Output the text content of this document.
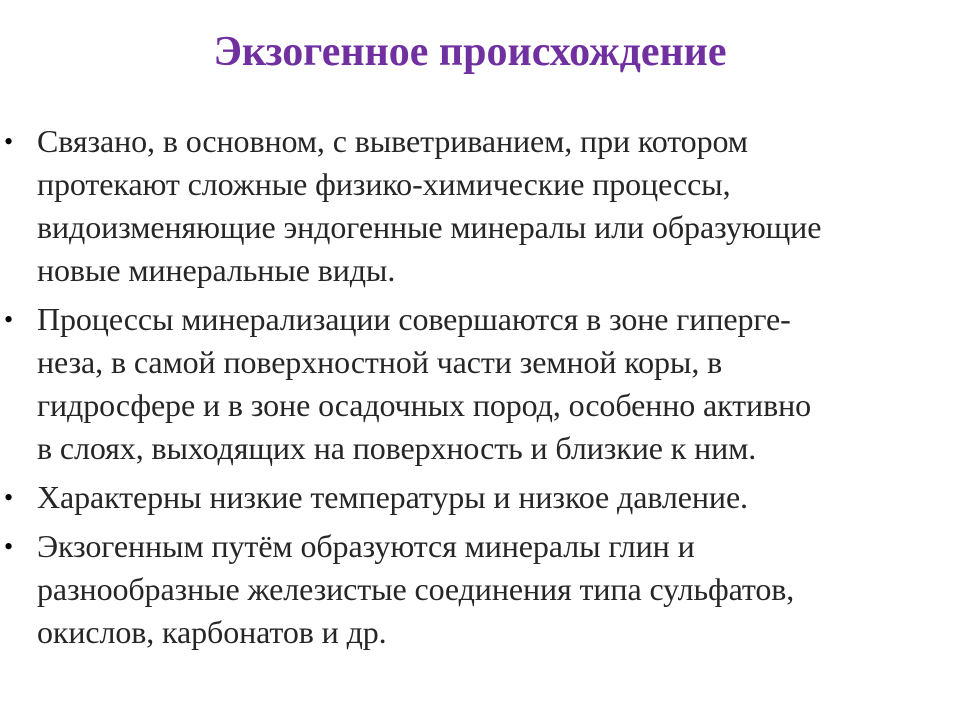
Экзогенное происхождение
• Связано, в основном, с выветриванием, при котором
протекают сложные физико-химические процессы,
видоизменяющие эндогенные минералы или образующие
новые минеральные виды.
• Процессы минерализации совершаются в зоне гиперге-
неза, в самой поверхностной части земной коры, в
гидросфере и в зоне осадочных пород, особенно активно
в слоях, выходящих на поверхность и близкие к ним.
• Характерны низкие температуры и низкое давление.
• Экзогенным путём образуются минералы глин и
разнообразные железистые соединения типа сульфатов,
окислов, карбонатов и др.
